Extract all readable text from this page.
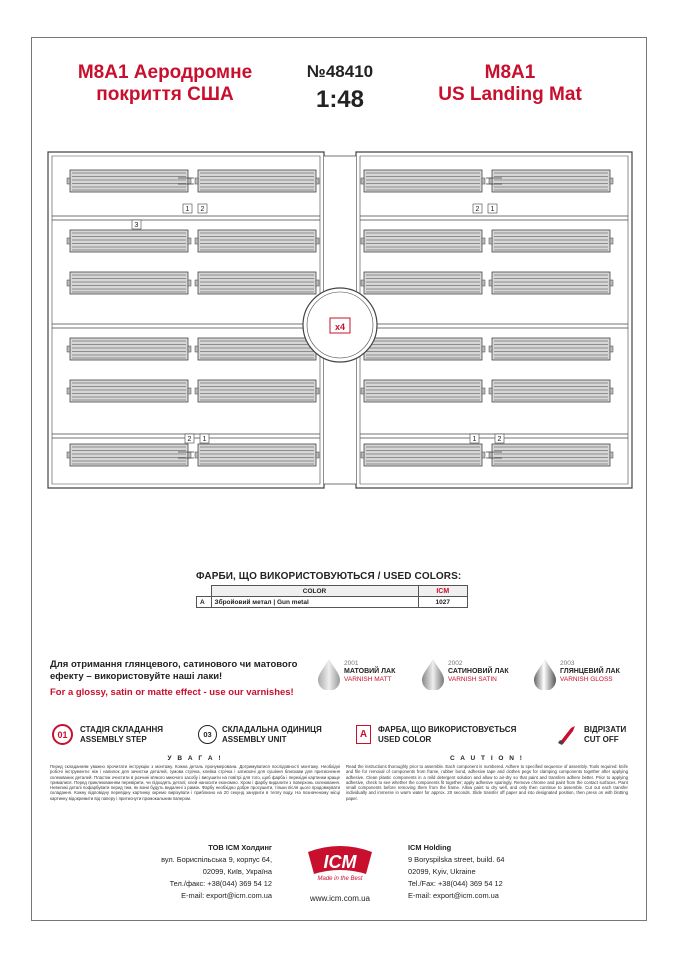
M8A1 Аеродромне
покриття США
№48410
1:48
M8A1
US Landing Mat
x4
1 2
3
2 1
1
2
2
1
ФАРБИ, ЩО ВИКОРИСТОВУЮТЬСЯ / USED COLORS:
	COLOR	ICM
A	Збройовий метал | Gun metal	1027
Для отримання глянцевого, сатинового чи матового ефекту – використовуйте наші лаки!
For a glossy, satin or matte effect - use our varnishes!
2001
МАТОВИЙ ЛАК
VARNISH MATT
2002
САТИНОВИЙ ЛАК
VARNISH SATIN
2003
ГЛЯНЦЕВИЙ ЛАК
VARNISH GLOSS
01	СТАДІЯ СКЛАДАННЯ
ASSEMBLY STEP
03
СКЛАДАЛЬНА ОДИНИЦЯ
ASSEMBLY UNIT	A	ФАРБА, ЩО ВИКОРИСТОВУЄТЬСЯ
USED COLOR
ВІДРІЗАТИ
CUT OFF
У В А Г А !
Перед складанням уважно прочитати інструкцію з монтажу. Кожна деталь пронумерована. Дотримуватися послідовності монтажу. Необхідні робочі інструменти: ніж і напилок для зачистки деталей, гумова стрічка, клейка стрічка і затискачі для сушіння блискави для притиснення склеюваних деталей. Пластик очистити в розчині м'якого миючого засобу і висушити на повітрі для того, щоб фарба і перехідні картинки краще трималися. Перед приклеюванням перевірити, чи підходять деталі; клей наносити економно. Хром і фарбу видалити з поверхонь склеювання. Невеликі деталі пофарбувати перед тим, як вони будуть видалені з рамок. Фарбу необхідно добре просушити, тільки після цього продовжувати складання. Кожну відповідну перевідну картинку окремо вирізувати і приблизно на 20 секунд занурити в теплу воду. На позначеному місці картинку відокремити від паперу і притиснути промокальним папером.
C A U T I O N !
Read the instructions thoroughly prior to assemble. Each component is numbered. Adhere to specified sequence of assembly. Tools required: knife and file for removal of components from frame, rubber bond, adhesive tape and clothes pegs for clamping components together after applying adhesive. Clean plastic components in a mild detergent solution and allow to air-dry so that paint and transfers adhere better. Prior to applying adhesive, check to see whether the components fit together; apply adhesive sparingly. Remove chrome and paint from the contact surfaces. Paint small components before removing them from the frame. Allow paint to dry well, and only then continue to assemble. Cut out each transfer individually and immerse in warm water for approx. 20 seconds. Slide transfer off paper and into designated position, then press on with blotting paper.
ТОВ ICM Холдинг
вул. Бориспільська 9, корпус 64,
02099, Київ, Україна
Тел./факс: +38(044) 369 54 12
E-mail: export@icm.com.ua
ICM
Made in the Best
www.icm.com.ua
ICM Holding
9 Boryspilska street, build. 64
02099, Kyiv, Ukraine
Tel./Fax: +38(044) 369 54 12
E-mail: export@icm.com.ua
